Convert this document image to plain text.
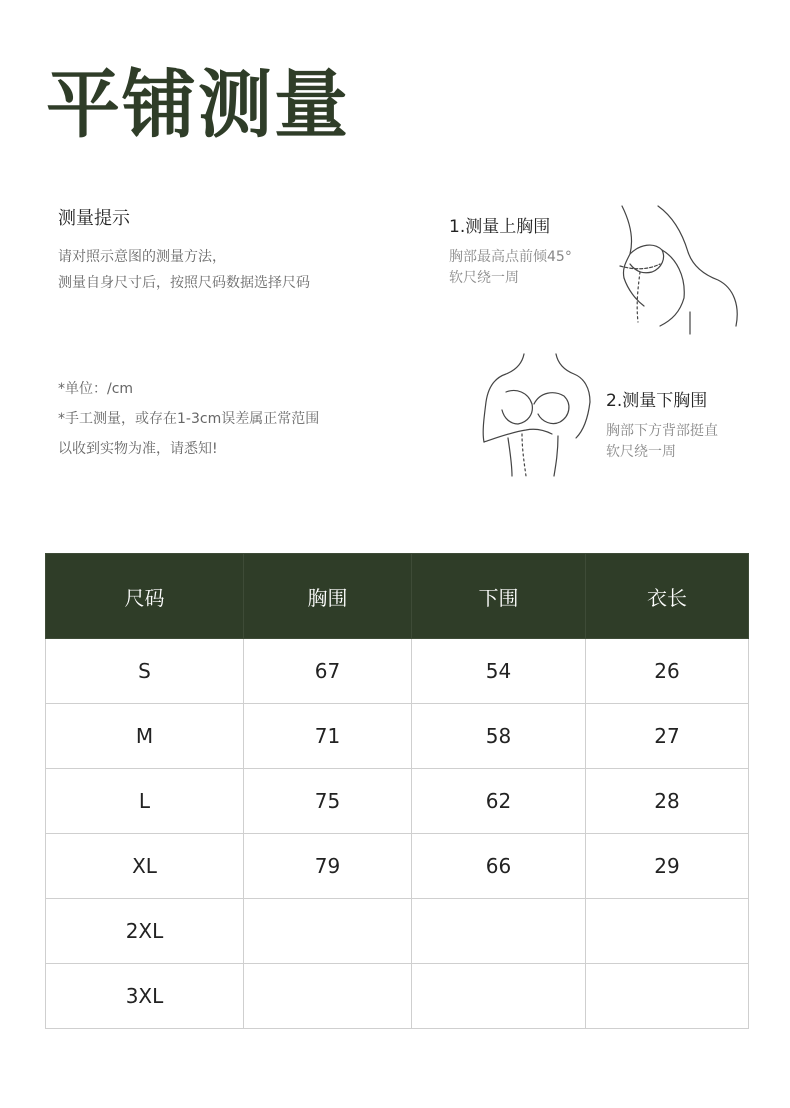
平铺测量
测量提示
请对照示意图的测量方法，
测量自身尺寸后，按照尺码数据选择尺码
*单位：/cm
*手工测量，或存在1-3cm误差属正常范围
以收到实物为准，请悉知!
1.测量上胸围
胸部最高点前倾45°
软尺绕一周
2.测量下胸围
胸部下方背部挺直
软尺绕一周
尺码	胸围	下围	衣长
S	67	54	26
M	71	58	27
L	75	62	28
XL	79	66	29
2XL			
3XL			
